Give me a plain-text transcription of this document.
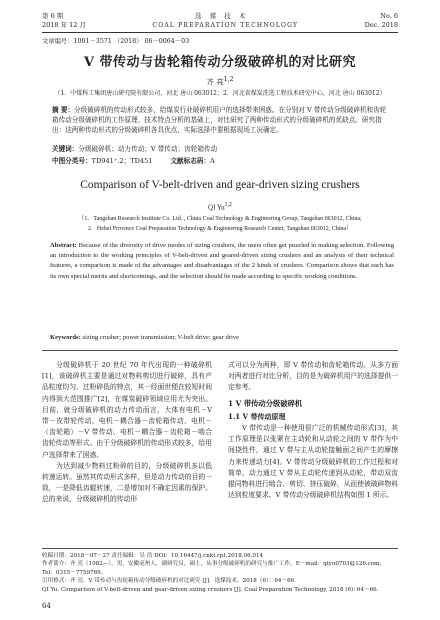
第 6 期	选 煤 技 术	No. 6
2018 年 12 月	COAL PREPARATION TECHNOLOGY	Dec. 2018
文章编号：1001－3571 （2018） 06－0064－03
V 带传动与齿轮箱传动分级破碎机的对比研究
齐 亮$^{1,2}$
（1．中煤科工集团唐山研究院有限公司，河北 唐山 063012；2．河北省煤炭洗选工程技术研究中心，河北 唐山 063012）
摘 要：分级破碎机的传动形式较多，给煤炭行业破碎机用户的选择带来困惑。在分别对 V 带传动分级破碎机和齿轮箱传动分级破碎机的工作原理、技术特点分析的基础上，对比研究了两种传动形式的分级破碎机的优缺点。研究指出：这两种传动形式的分级破碎机各具优点，实际选择中要根据现场工况确定。
关键词：分级破碎机；动力传动；V 带传动；齿轮箱传动
中图分类号：TD941⁺.2；TD451	文献标志码：A
Comparison of V-belt-driven and gear-driven sizing crushers
QI Yu$^{1,2}$
（1．Tangshan Research Institute Co. Ltd. , China Coal Technology & Engineering Group, Tangshan 063012, China;
2．Hebei Province Coal Preparation Technology & Engineering Research Center, Tangshan 063012, China）
Abstract: Because of the diversity of drive modes of sizing crushers, the users often get puzzled in making selection. Following an introduction to the working principles of V-belt-driven and geared-driven sizing crushers and an analysis of their technical features, a comparison is made of the advantages and disadvantages of the 2 kinds of crushers. Comparison shows that each has its own special merits and shortcomings, and the selection should be made according to specific working conditions.
Keywords: sizing crusher; power transmission; V-belt drive; gear drive

分级破碎机于 20 世纪 70 年代出现的一种破碎机[1]，该破碎机主要是通过对物料剪切进行破碎，具有产品粒度均匀、过粉碎低的特点，其一经面世便在较短时间内得到大范围推广[2]，在煤炭破碎领域应用尤为突出。目前，就分级破碎机的动力传动而言，大体有电机－V 带－皮带轮传动、电机－耦合器－齿轮箱传动、电机－（齿轮箱）－V 带传动、电机－耦合器－齿轮箱－啮合齿轮传动等形式。由于分级破碎机的传动形式较多，给用户选择带来了困惑。

为达到减少物料过粉碎的目的，分级破碎机多以低转速运转。虽然其传动形式多样，但是动力传动的目的一致，一是降低齿辊转速，二是增加对不确定因素的保护。总的来说，分级破碎机的传动形

式可以分为两种，即 V 带传动和齿轮箱传动。从多方面对两者进行对比分析，目的是为破碎机用户的选择提供一定参考。

1 V 带传动分级破碎机
1.1 V 带传动原理

V 带传动是一种使用很广泛的机械传动形式[3]，其工作原理是以张紧在主动轮和从动轮之间的 V 带作为中间挠性件，通过 V 带与主从动轮接触面之间产生的摩擦力来传递动力[4]。V 带传动分级破碎机的工作过程和对简单，动力通过 V 带从主动轮传递到从动轮，带动双齿辊同物料进行啮合、剪切、挤压破碎，从而使被破碎物料达到粒度要求。V 带传动分级破碎机结构如图 1 所示。

收稿日期：2018－07－27 责任编辑：吴 浩 DOI：10.16447/j.cnki.cpt.2018.06.014
作者简介：齐 亮（1982—），男，安徽亳州人，副研究员，硕士，从事分级破碎机的研究与推广工作。E－mail：qiyu0703@126.com；Tel：0315－7759769。
引用格式：齐 亮．V 带传动与齿轮箱传动分级破碎机的对比研究 [J]．选煤技术，2018（6）：64－66．
QI Yu. Comparison of V-belt-driven and gear-driven sizing crushers [J]. Coal Preparation Technology, 2018 (6): 64－66.
64
